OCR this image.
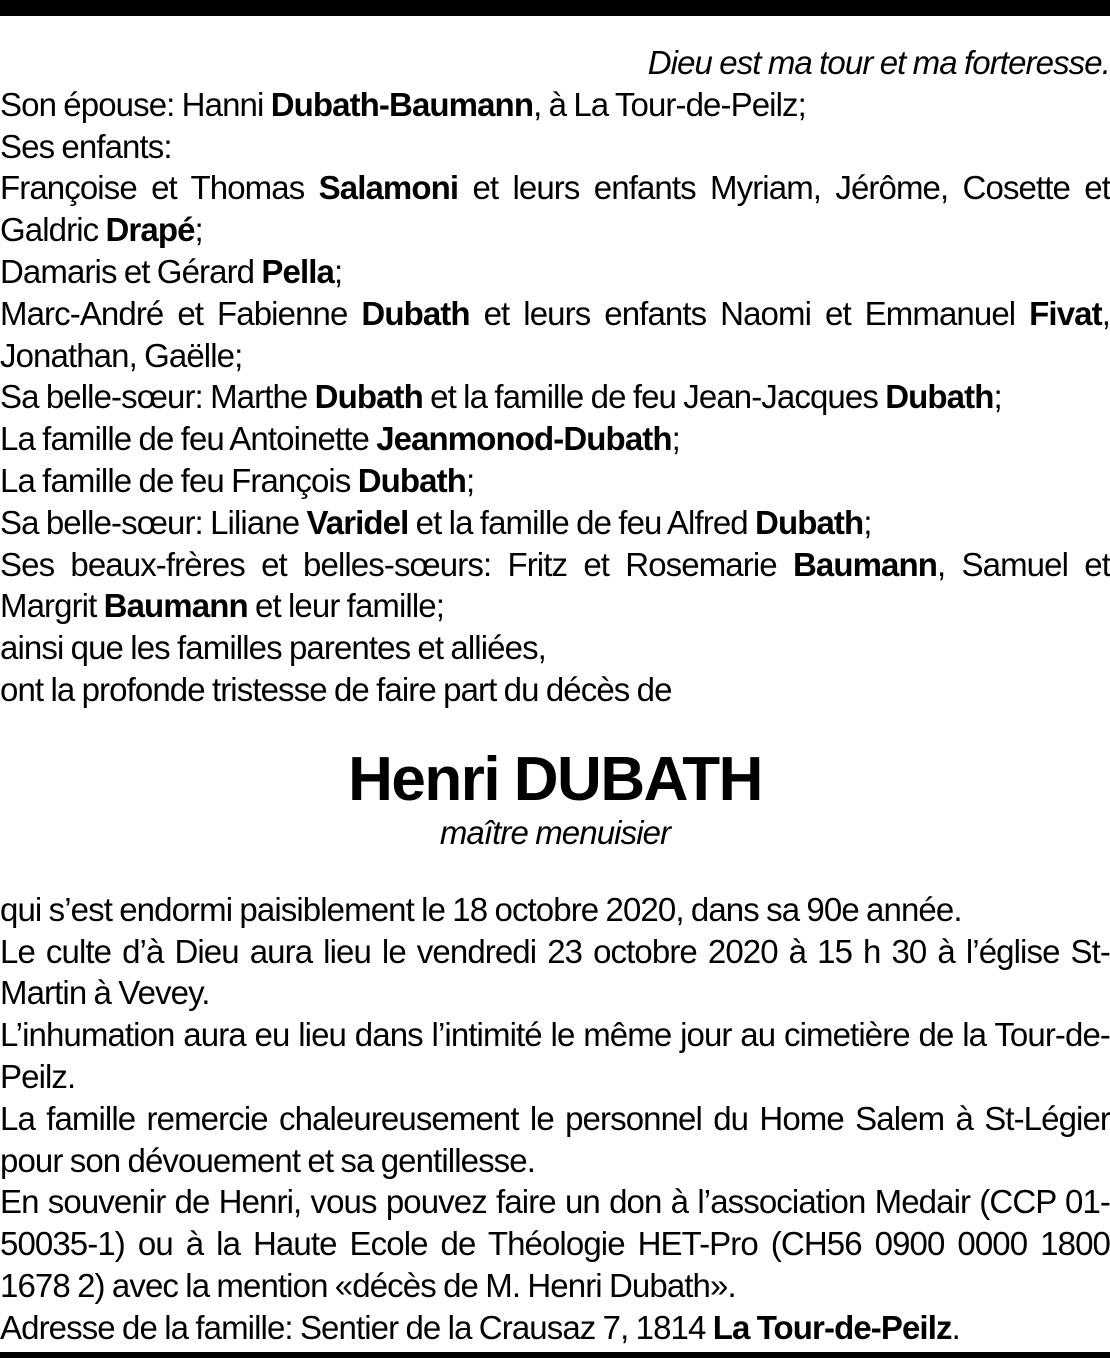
Dieu est ma tour et ma forteresse.

Son épouse: Hanni Dubath-Baumann, à La Tour-de-Peilz;

Ses enfants:

Françoise et Thomas Salamoni et leurs enfants Myriam, Jérôme, Cosette et Galdric Drapé;

Damaris et Gérard Pella;

Marc-André et Fabienne Dubath et leurs enfants Naomi et Emmanuel Fivat, Jonathan, Gaëlle;

Sa belle-sœur: Marthe Dubath et la famille de feu Jean-Jacques Dubath;

La famille de feu Antoinette Jeanmonod-Dubath;

La famille de feu François Dubath;

Sa belle-sœur: Liliane Varidel et la famille de feu Alfred Dubath;

Ses beaux-frères et belles-sœurs: Fritz et Rosemarie Baumann, Samuel et Margrit Baumann et leur famille;

ainsi que les familles parentes et alliées,

ont la profonde tristesse de faire part du décès de

Henri DUBATH

maître menuisier

qui s’est endormi paisiblement le 18 octobre 2020, dans sa 90e année.

Le culte d’à Dieu aura lieu le vendredi 23 octobre 2020 à 15 h 30 à l’église St-Martin à Vevey.

L’inhumation aura eu lieu dans l’intimité le même jour au cimetière de la Tour-de-Peilz.

La famille remercie chaleureusement le personnel du Home Salem à St-Légier pour son dévouement et sa gentillesse.

En souvenir de Henri, vous pouvez faire un don à l’association Medair (CCP 01-50035-1) ou à la Haute Ecole de Théologie HET-Pro (CH56 0900 0000 1800 1678 2) avec la mention «décès de M. Henri Dubath».

Adresse de la famille: Sentier de la Crausaz 7, 1814 La Tour-de-Peilz.
